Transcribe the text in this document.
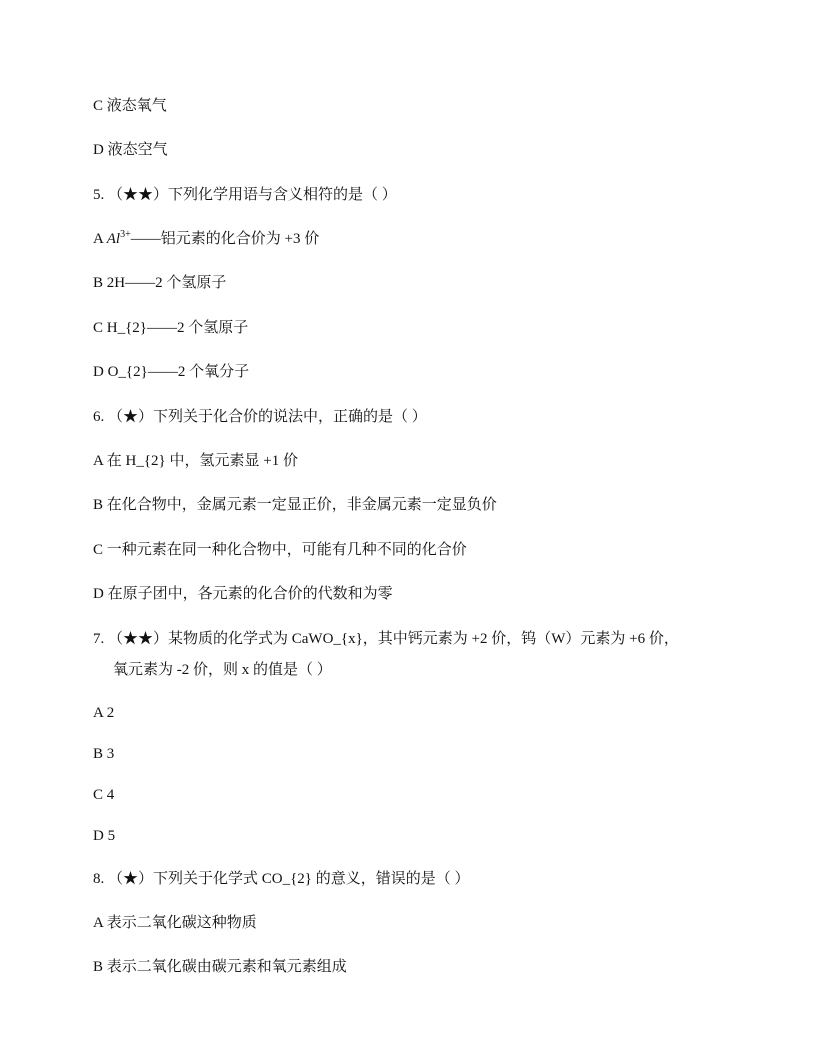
C 液态氧气
D 液态空气
5. （★★）下列化学用语与含义相符的是（ ）
A $Al^{3+}——$铝元素的化合价为 +3 价
B 2H——2 个氢原子
C H_{2}——2 个氢原子
D O_{2}——2 个氧分子
6. （★）下列关于化合价的说法中，正确的是（ ）
A 在 H_{2} 中，氢元素显 +1 价
B 在化合物中，金属元素一定显正价，非金属元素一定显负价
C 一种元素在同一种化合物中，可能有几种不同的化合价
D 在原子团中，各元素的化合价的代数和为零
7. （★★）某物质的化学式为 CaWO_{x}，其中钙元素为 +2 价，钨（W）元素为 +6 价，
氧元素为 -2 价，则 x 的值是（ ）
A 2
B 3
C 4
D 5
8. （★）下列关于化学式 CO_{2} 的意义，错误的是（ ）
A 表示二氧化碳这种物质
B 表示二氧化碳由碳元素和氧元素组成
